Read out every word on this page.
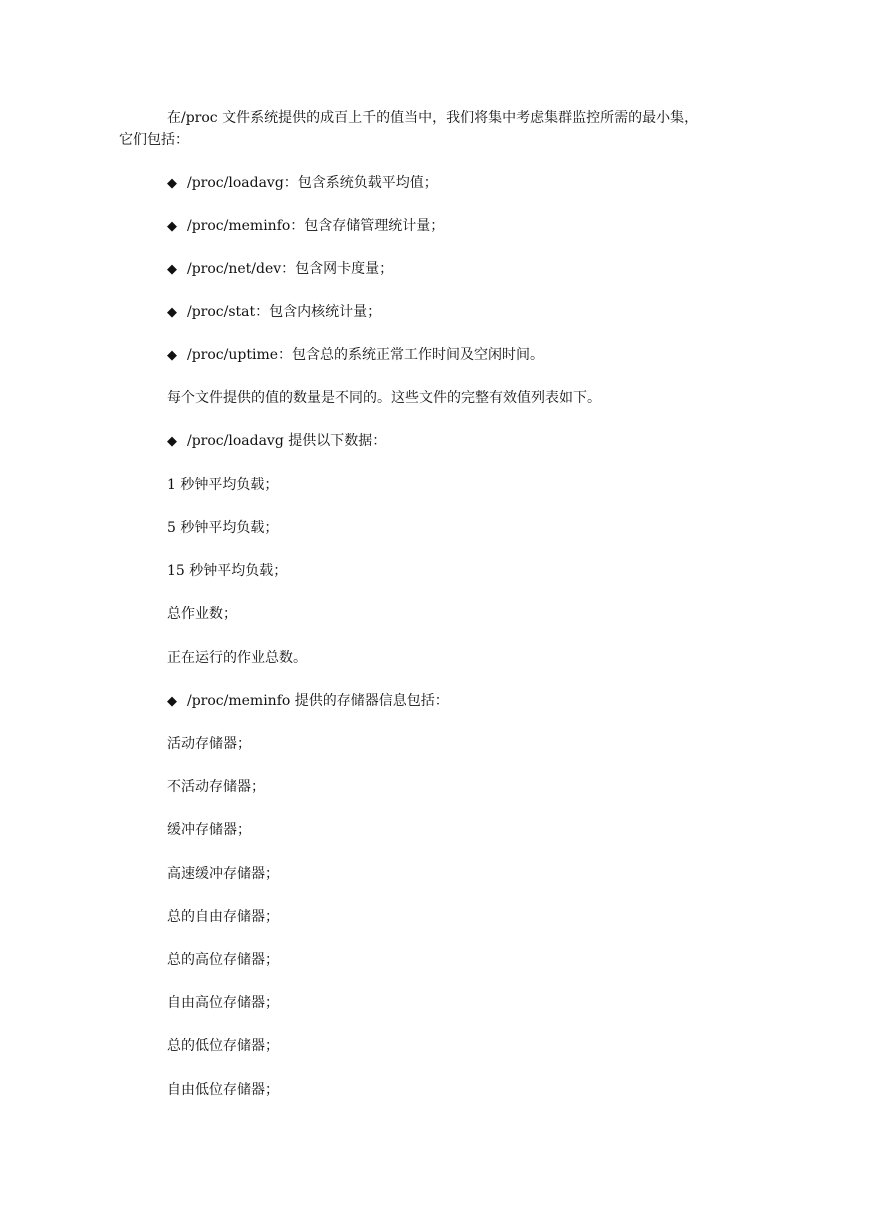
在/proc 文件系统提供的成百上千的值当中，我们将集中考虑集群监控所需的最小集，
它们包括：
◆ /proc/loadavg：包含系统负载平均值；
◆ /proc/meminfo：包含存储管理统计量；
◆ /proc/net/dev：包含网卡度量；
◆ /proc/stat：包含内核统计量；
◆ /proc/uptime：包含总的系统正常工作时间及空闲时间。
每个文件提供的值的数量是不同的。这些文件的完整有效值列表如下。
◆ /proc/loadavg 提供以下数据：
1 秒钟平均负载；
5 秒钟平均负载；
15 秒钟平均负载；
总作业数；
正在运行的作业总数。
◆ /proc/meminfo 提供的存储器信息包括：
活动存储器；
不活动存储器；
缓冲存储器；
高速缓冲存储器；
总的自由存储器；
总的高位存储器；
自由高位存储器；
总的低位存储器；
自由低位存储器；
